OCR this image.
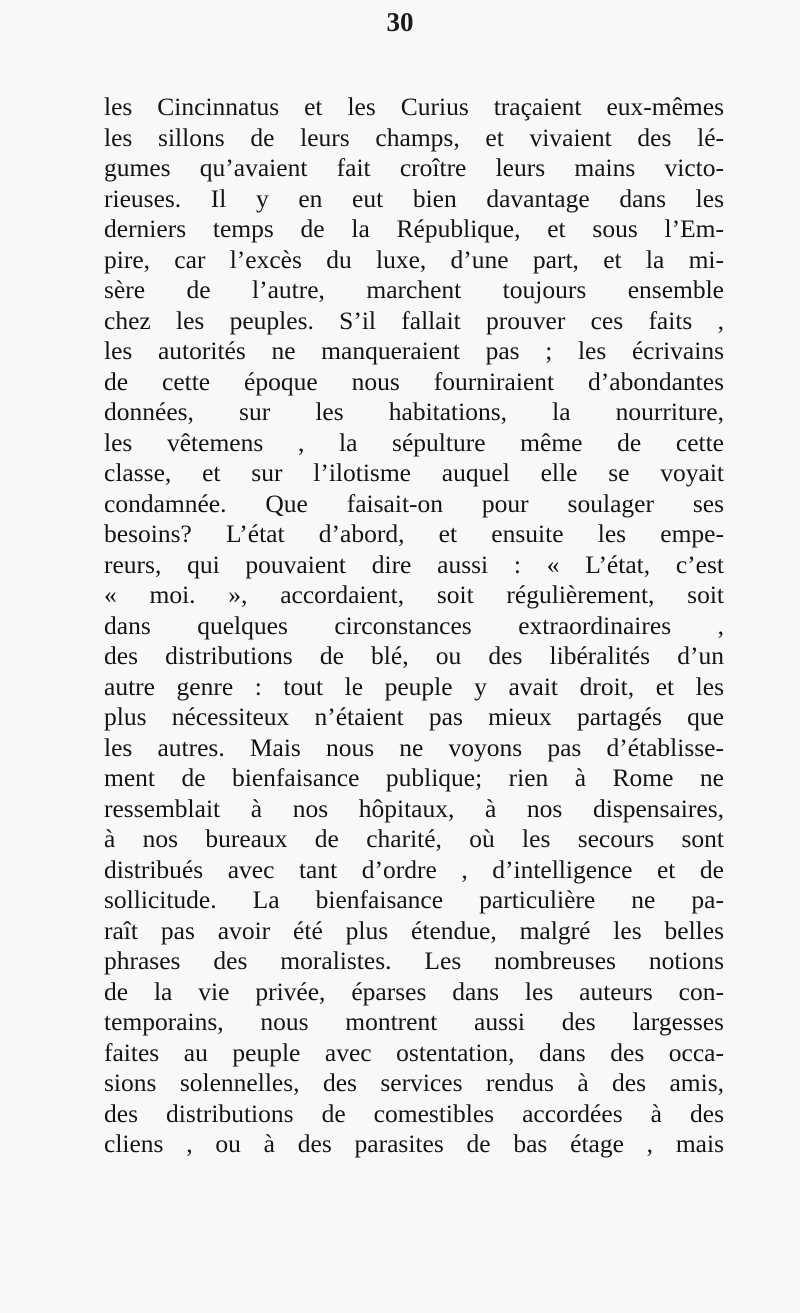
30
les Cincinnatus et les Curius traçaient eux-mêmes
les sillons de leurs champs, et vivaient des lé-
gumes qu’avaient fait croître leurs mains victo-
rieuses. Il y en eut bien davantage dans les
derniers temps de la République, et sous l’Em-
pire, car l’excès du luxe, d’une part, et la mi-
sère de l’autre, marchent toujours ensemble
chez les peuples. S’il fallait prouver ces faits ,
les autorités ne manqueraient pas ; les écrivains
de cette époque nous fourniraient d’abondantes
données, sur les habitations, la nourriture,
les vêtemens , la sépulture même de cette
classe, et sur l’ilotisme auquel elle se voyait
condamnée. Que faisait-on pour soulager ses
besoins? L’état d’abord, et ensuite les empe-
reurs, qui pouvaient dire aussi : « L’état, c’est
« moi. », accordaient, soit régulièrement, soit
dans quelques circonstances extraordinaires ,
des distributions de blé, ou des libéralités d’un
autre genre : tout le peuple y avait droit, et les
plus nécessiteux n’étaient pas mieux partagés que
les autres. Mais nous ne voyons pas d’établisse-
ment de bienfaisance publique; rien à Rome ne
ressemblait à nos hôpitaux, à nos dispensaires,
à nos bureaux de charité, où les secours sont
distribués avec tant d’ordre , d’intelligence et de
sollicitude. La bienfaisance particulière ne pa-
raît pas avoir été plus étendue, malgré les belles
phrases des moralistes. Les nombreuses notions
de la vie privée, éparses dans les auteurs con-
temporains, nous montrent aussi des largesses
faites au peuple avec ostentation, dans des occa-
sions solennelles, des services rendus à des amis,
des distributions de comestibles accordées à des
cliens , ou à des parasites de bas étage , mais
